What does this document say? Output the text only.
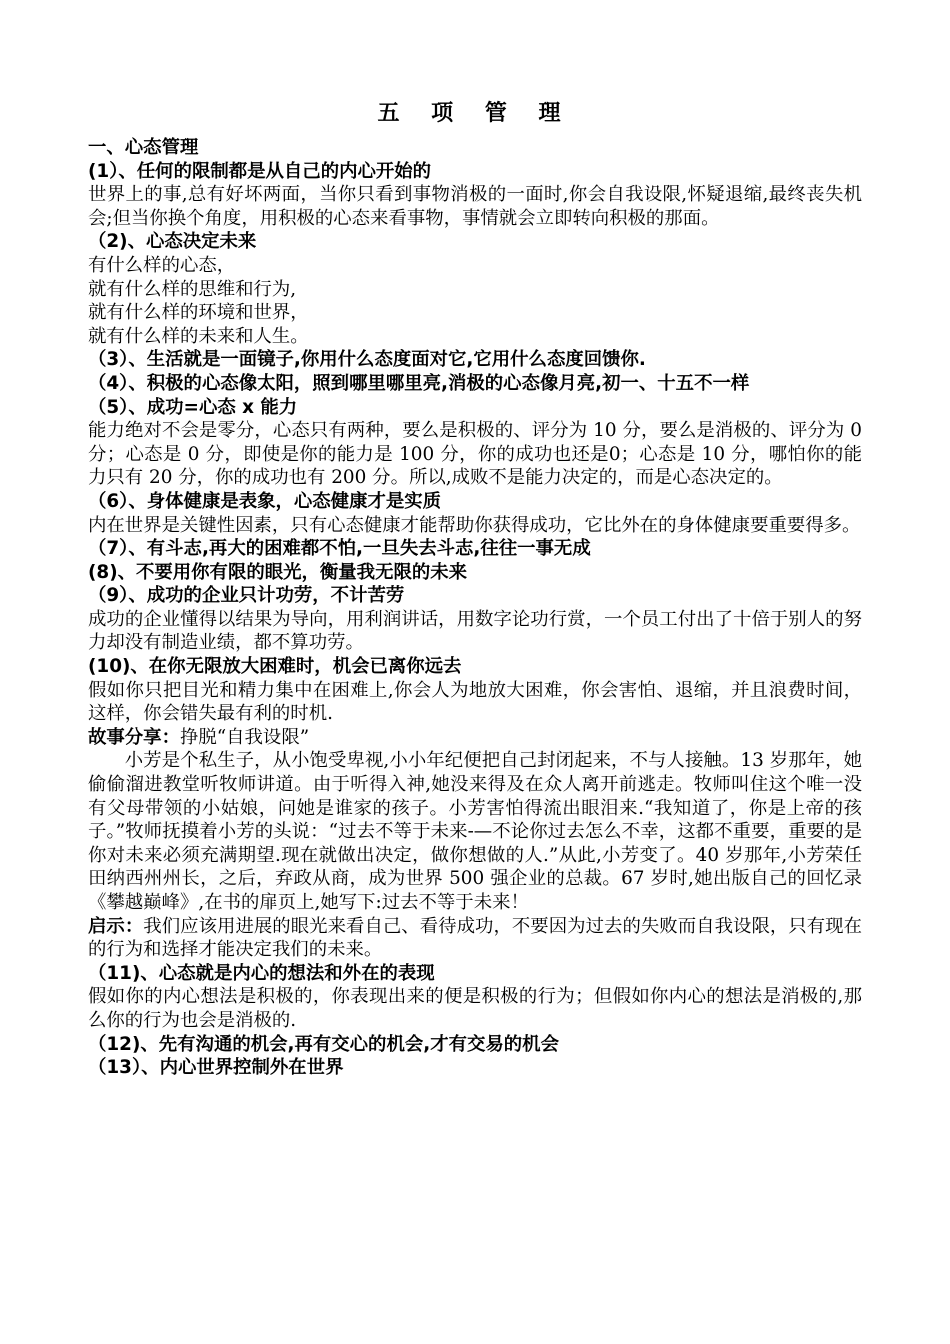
五 项 管 理

一、心态管理

(1）、任何的限制都是从自己的内心开始的

世界上的事,总有好坏两面，当你只看到事物消极的一面时,你会自我设限,怀疑退缩,最终丧失机会;但当你换个角度，用积极的心态来看事物，事情就会立即转向积极的那面。

（2)、心态决定未来

有什么样的心态，

就有什么样的思维和行为,

就有什么样的环境和世界，

就有什么样的未来和人生。

（3）、生活就是一面镜子,你用什么态度面对它,它用什么态度回馈你.

（4）、积极的心态像太阳，照到哪里哪里亮,消极的心态像月亮,初一、十五不一样

（5）、成功=心态 x 能力

能力绝对不会是零分，心态只有两种，要么是积极的、评分为 10 分，要么是消极的、评分为 0 分；心态是 0 分，即使是你的能力是 100 分，你的成功也还是0；心态是 10 分，哪怕你的能力只有 20 分，你的成功也有 200 分。所以,成败不是能力决定的，而是心态决定的。

（6）、身体健康是表象，心态健康才是实质

内在世界是关键性因素，只有心态健康才能帮助你获得成功，它比外在的身体健康要重要得多。

（7）、有斗志,再大的困难都不怕,一旦失去斗志,往往一事无成

(8)、不要用你有限的眼光，衡量我无限的未来

（9）、成功的企业只计功劳，不计苦劳

成功的企业懂得以结果为导向，用利润讲话，用数字论功行赏，一个员工付出了十倍于别人的努力却没有制造业绩，都不算功劳。

(10)、在你无限放大困难时，机会已离你远去

假如你只把目光和精力集中在困难上,你会人为地放大困难，你会害怕、退缩，并且浪费时间，这样，你会错失最有利的时机.

故事分享：挣脱“自我设限”

小芳是个私生子，从小饱受卑视,小小年纪便把自己封闭起来，不与人接触。13 岁那年，她偷偷溜进教堂听牧师讲道。由于听得入神,她没来得及在众人离开前逃走。牧师叫住这个唯一没有父母带领的小姑娘，问她是谁家的孩子。小芳害怕得流出眼泪来.“我知道了，你是上帝的孩子。”牧师抚摸着小芳的头说：“过去不等于未来-—不论你过去怎么不幸，这都不重要，重要的是你对未来必须充满期望.现在就做出决定，做你想做的人.”从此,小芳变了。40 岁那年,小芳荣任田纳西州州长，之后，弃政从商，成为世界 500 强企业的总裁。67 岁时,她出版自己的回忆录《攀越巅峰》,在书的扉页上,她写下:过去不等于未来！

启示：我们应该用进展的眼光来看自己、看待成功，不要因为过去的失败而自我设限，只有现在的行为和选择才能决定我们的未来。

（11)、心态就是内心的想法和外在的表现

假如你的内心想法是积极的，你表现出来的便是积极的行为；但假如你内心的想法是消极的,那么你的行为也会是消极的.

（12)、先有沟通的机会,再有交心的机会,才有交易的机会

（13）、内心世界控制外在世界
